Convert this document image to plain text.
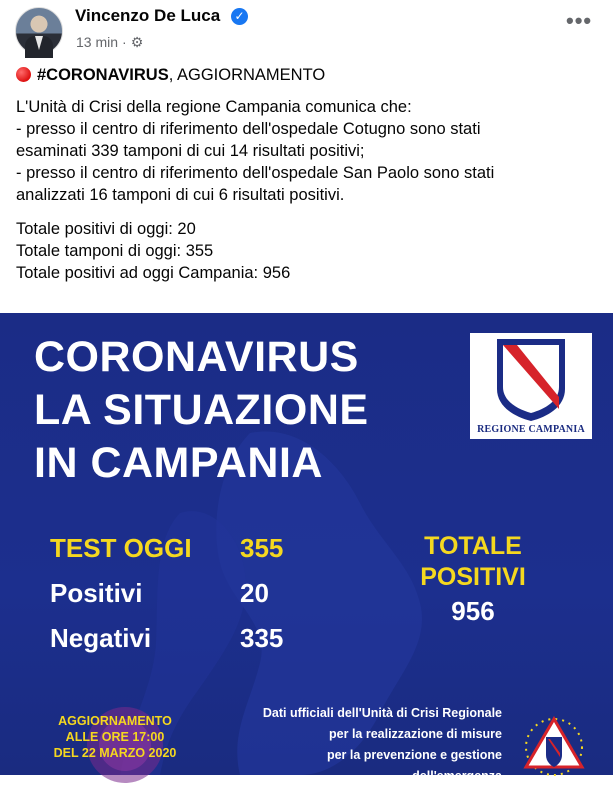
Vincenzo De Luca ✓
13 min · ⚙
•••

#CORONAVIRUS, AGGIORNAMENTO

L'Unità di Crisi della regione Campania comunica che:

- presso il centro di riferimento dell'ospedale Cotugno sono stati

esaminati 339 tamponi di cui 14 risultati positivi;

- presso il centro di riferimento dell'ospedale San Paolo sono stati

analizzati 16 tamponi di cui 6 risultati positivi.

Totale positivi di oggi: 20

Totale tamponi di oggi: 355

Totale positivi ad oggi Campania: 956

CORONAVIRUS
LA SITUAZIONE
IN CAMPANIA
REGIONE CAMPANIA
TEST OGGI 355
Positivi	20
Negativi	335
TOTALE
POSITIVI
956
AGGIORNAMENTO
ALLE ORE 17:00
DEL 22 MARZO 2020
Dati ufficiali dell'Unità di Crisi Regionale
per la realizzazione di misure
per la prevenzione e gestione dell'emergenza
